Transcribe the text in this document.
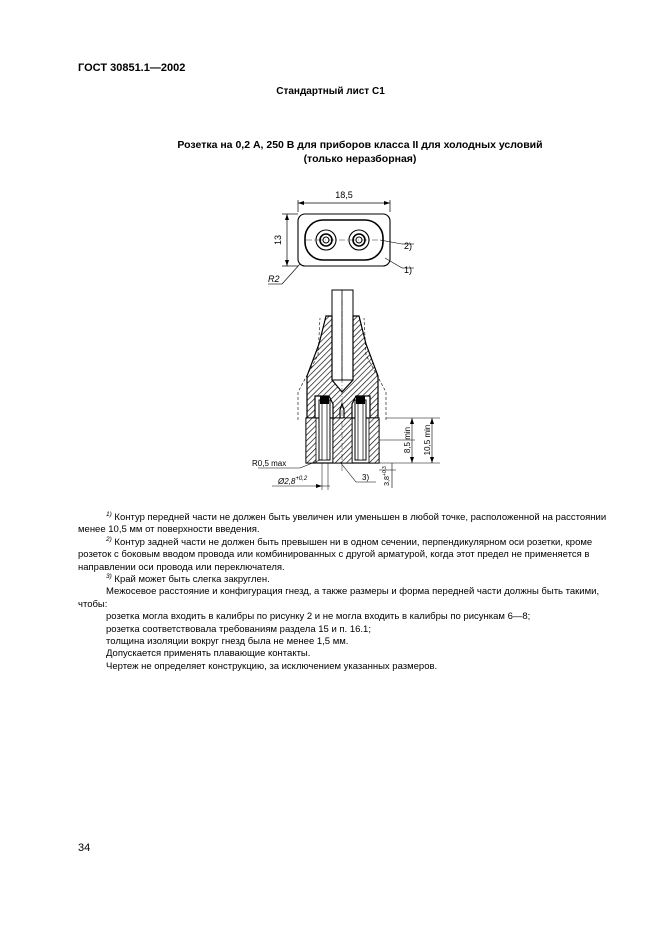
ГОСТ 30851.1—2002
Стандартный лист С1
Розетка на 0,2 А, 250 В для приборов класса II для холодных условий
(только неразборная)
18,5
13
2)
1)
R2
8,5 min 10,5 min
$3,8^{+0,3}$
R0,5 max
$Ø2,8^{+0,2}$	3)

$^{1)}$ Контур передней части не должен быть увеличен или уменьшен в любой точке, расположенной на расстоянии менее 10,5 мм от поверхности введения.

$^{2)}$ Контур задней части не должен быть превышен ни в одном сечении, перпендикулярном оси розетки, кроме розеток с боковым вводом провода или комбинированных с другой арматурой, когда этот предел не применяется в направлении оси провода или переключателя.

$^{3)}$ Край может быть слегка закруглен.

Межосевое расстояние и конфигурация гнезд, а также размеры и форма передней части должны быть такими, чтобы:

розетка могла входить в калибры по рисунку 2 и не могла входить в калибры по рисункам 6—8;

розетка соответствовала требованиям раздела 15 и п. 16.1;

толщина изоляции вокруг гнезд была не менее 1,5 мм.

Допускается применять плавающие контакты.

Чертеж не определяет конструкцию, за исключением указанных размеров.

34
